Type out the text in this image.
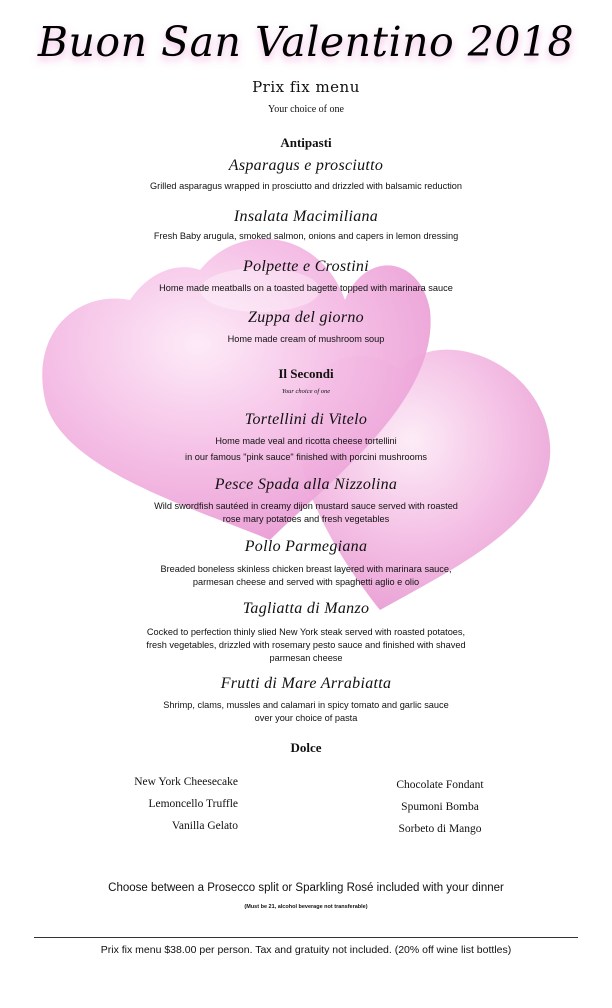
Buon San Valentino 2018
Prix fix menu
Your choice of one
Antipasti
Asparagus e prosciutto
Grilled asparagus wrapped in prosciutto and drizzled with balsamic reduction
Insalata Macimiliana
Fresh Baby arugula, smoked salmon, onions and capers in lemon dressing
Polpette e Crostini
Home made meatballs on a toasted bagette topped with marinara sauce
Zuppa del giorno
Home made cream of mushroom soup
Il Secondi
Your choice of one
Tortellini di Vitelo
Home made veal and ricotta cheese tortellini
in our famous "pink sauce" finished with porcini mushrooms
Pesce Spada alla Nizzolina
Wild swordfish sautéed in creamy dijon mustard sauce served with roasted
rose mary potatoes and fresh vegetables
Pollo Parmegiana
Breaded boneless skinless chicken breast layered with marinara sauce,
parmesan cheese and served with spaghetti aglio e olio
Tagliatta di Manzo
Cocked to perfection thinly slied New York steak served with roasted potatoes,
fresh vegetables, drizzled with rosemary pesto sauce and finished with shaved
parmesan cheese
Frutti di Mare Arrabiatta
Shrimp, clams, mussles and calamari in spicy tomato and garlic sauce
over your choice of pasta
Dolce
New York Cheesecake
Lemoncello Truffle
Vanilla Gelato
Chocolate Fondant
Spumoni Bomba
Sorbeto di Mango
Choose between a Prosecco split or Sparkling Rosé included with your dinner
(Must be 21, alcohol beverage not transferable)
Prix fix menu $38.00 per person. Tax and gratuity not included. (20% off wine list bottles)
